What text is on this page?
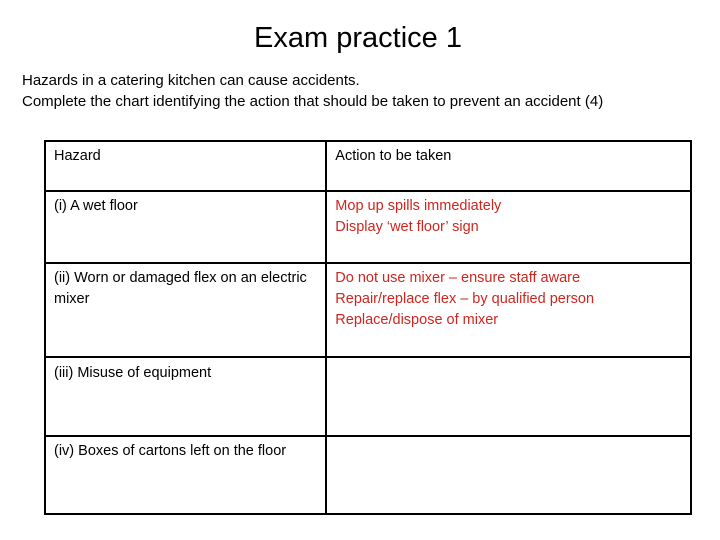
Exam practice 1
Hazards in a catering kitchen can cause accidents.
Complete the chart identifying the action that should be taken to prevent an accident (4)
Hazard	Action to be taken
(i) A wet floor	Mop up spills immediately
Display ‘wet floor’ sign

(ii) Worn or damaged flex on an electric mixer	Do not use mixer – ensure staff aware
Repair/replace flex – by qualified person
Replace/dispose of mixer

(iii) Misuse of equipment	
(iv) Boxes of cartons left on the floor	
